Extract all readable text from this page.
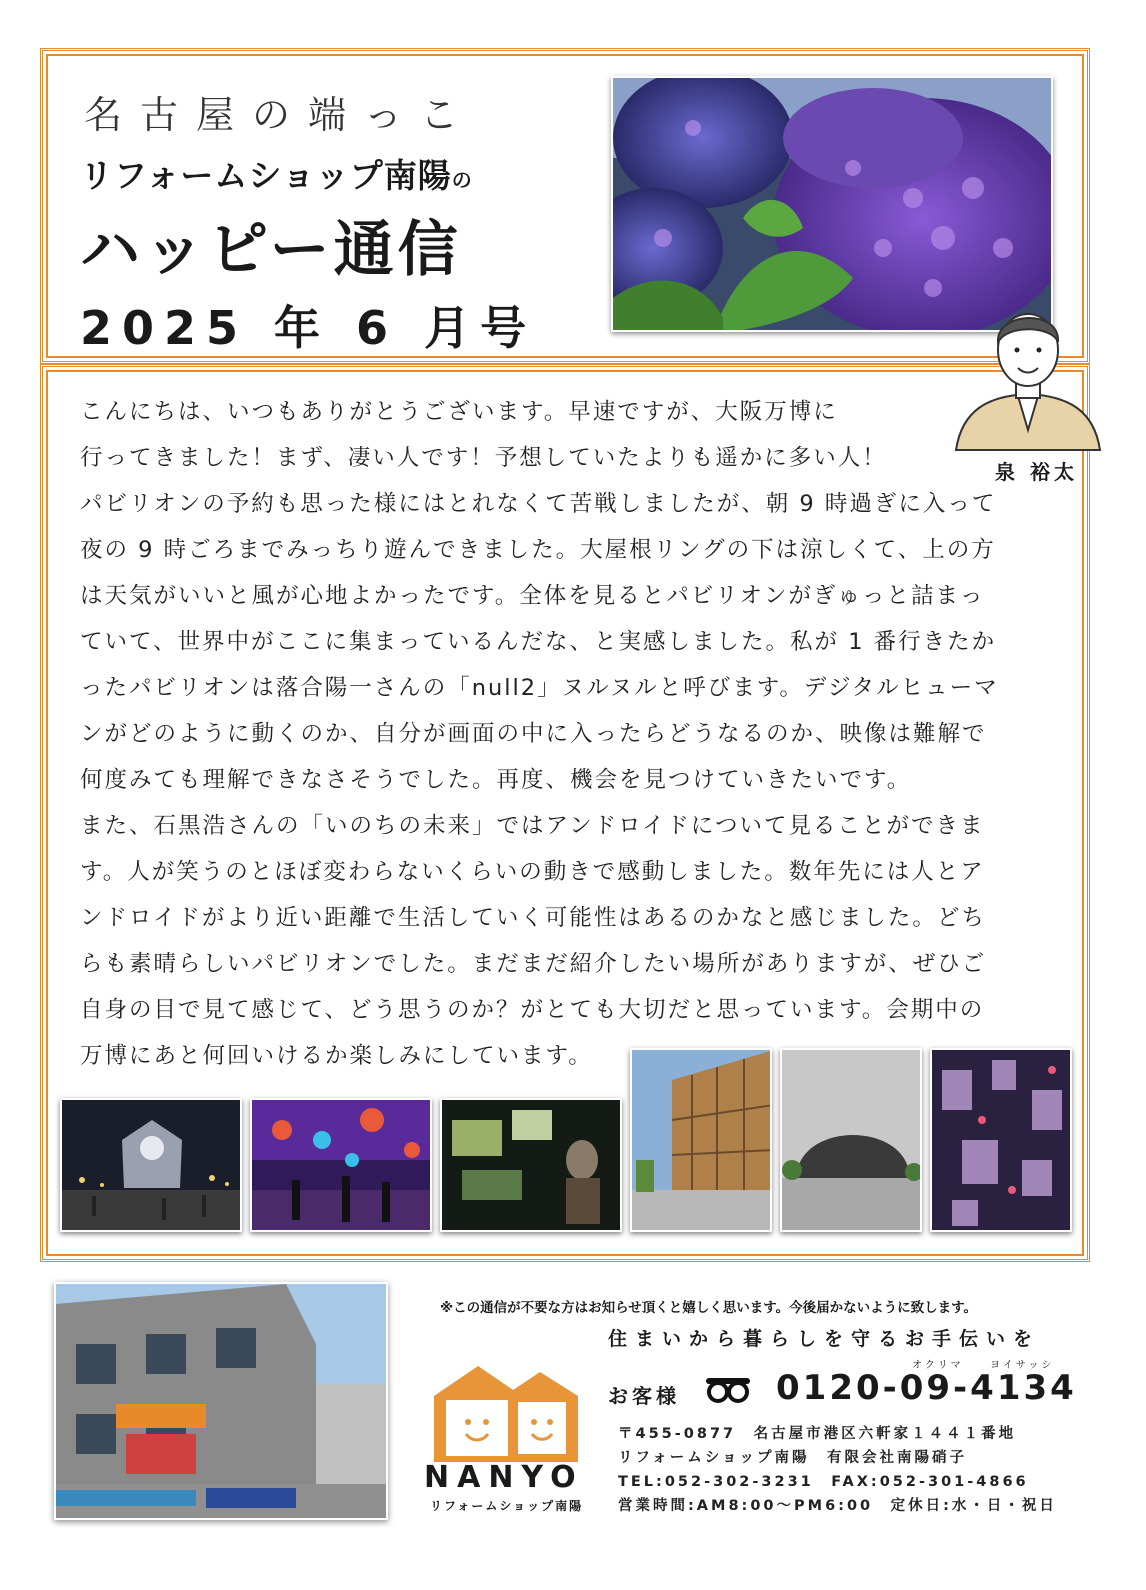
名古屋の端っこ
リフォームショップ南陽の
ハッピー通信
2025 年 6 月号
泉 裕太
こんにちは、いつもありがとうございます。早速ですが、大阪万博に
行ってきました！まず、凄い人です！予想していたよりも遥かに多い人！
パビリオンの予約も思った様にはとれなくて苦戦しましたが、朝 9 時過ぎに入って
夜の 9 時ごろまでみっちり遊んできました。大屋根リングの下は涼しくて、上の方
は天気がいいと風が心地よかったです。全体を見るとパビリオンがぎゅっと詰まっ
ていて、世界中がここに集まっているんだな、と実感しました。私が 1 番行きたか
ったパビリオンは落合陽一さんの「null2」ヌルヌルと呼びます。デジタルヒューマ
ンがどのように動くのか、自分が画面の中に入ったらどうなるのか、映像は難解で
何度みても理解できなさそうでした。再度、機会を見つけていきたいです。
また、石黒浩さんの「いのちの未来」ではアンドロイドについて見ることができま
す。人が笑うのとほぼ変わらないくらいの動きで感動しました。数年先には人とア
ンドロイドがより近い距離で生活していく可能性はあるのかなと感じました。どち
らも素晴らしいパビリオンでした。まだまだ紹介したい場所がありますが、ぜひご
自身の目で見て感じて、どう思うのか？がとても大切だと思っています。会期中の
万博にあと何回いけるか楽しみにしています。
※この通信が不要な方はお知らせ頂くと嬉しく思います。今後届かないように致します。
住まいから暮らしを守るお手伝いを
オクリマ	ヨイサッシ
お客様	0120-09-4134
〒455-0877　名古屋市港区六軒家１４４１番地
リフォームショップ南陽　有限会社南陽硝子
TEL:052-302-3231　FAX:052-301-4866
営業時間:AM8:00～PM6:00　定休日:水・日・祝日
NANYO
リフォームショップ南陽
